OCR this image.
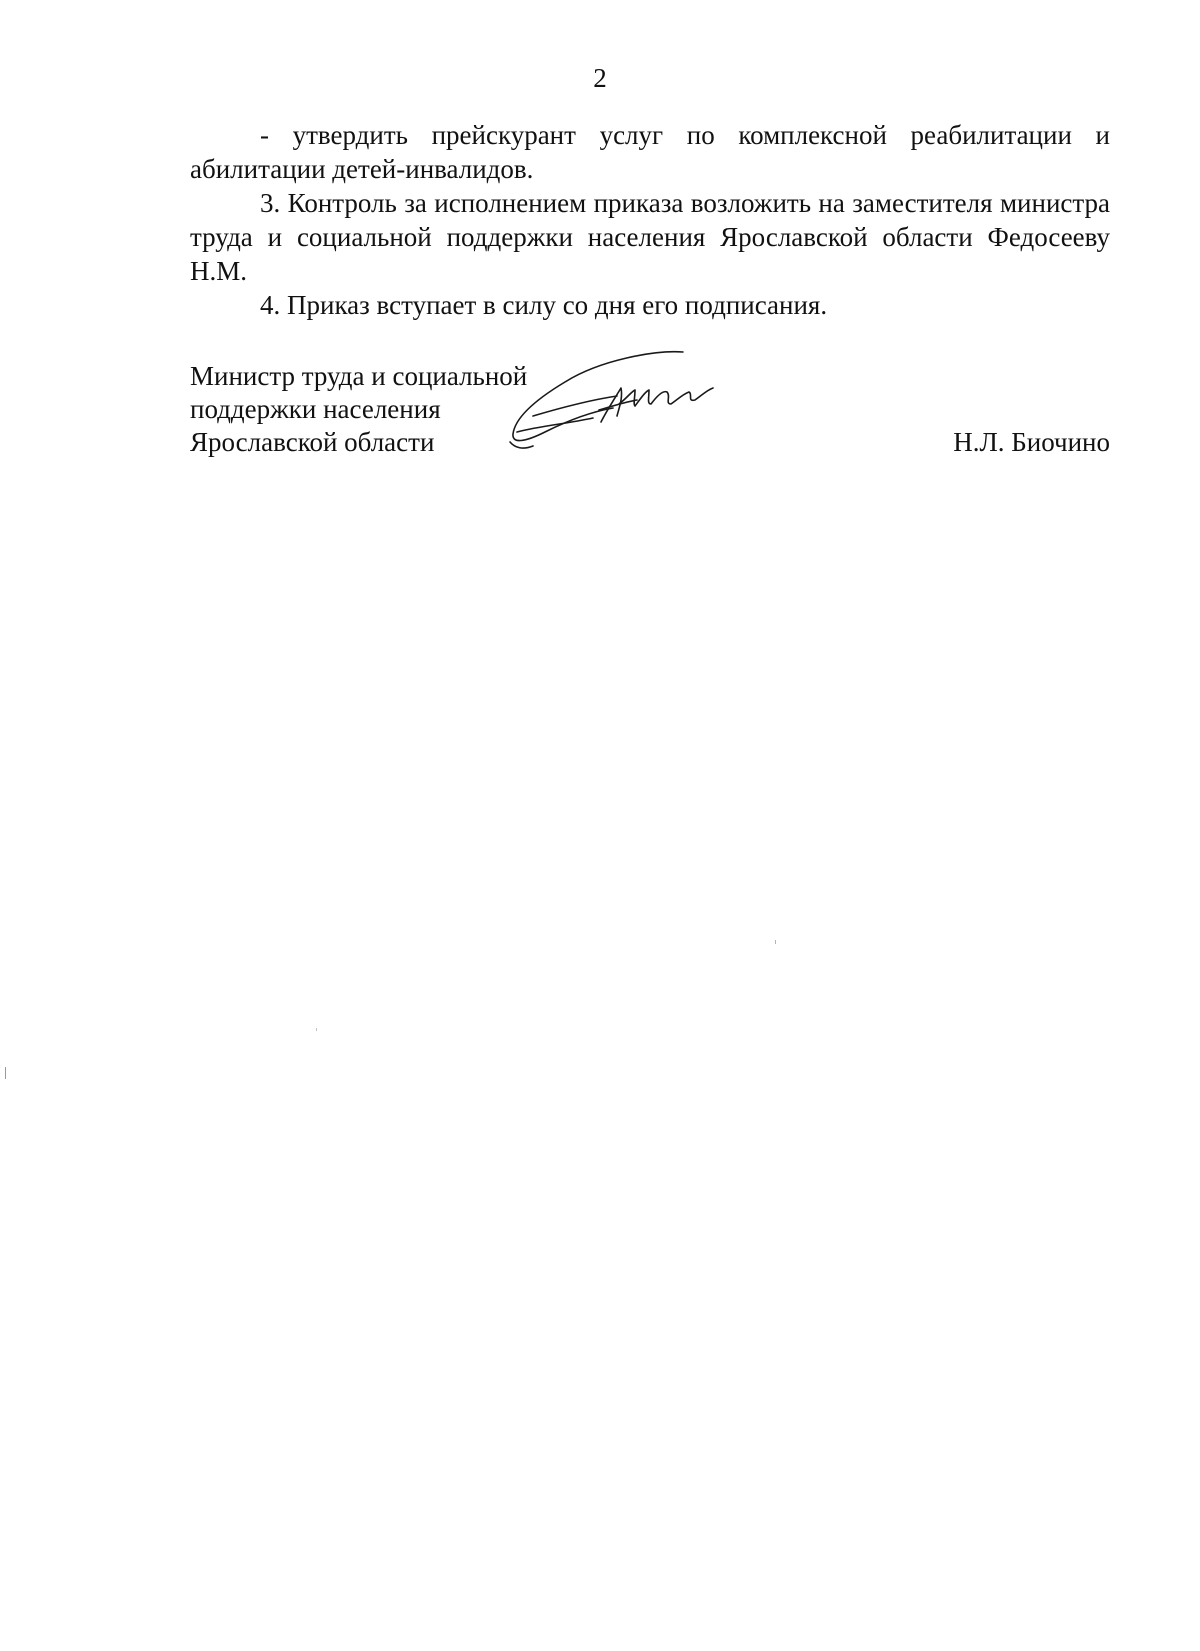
2

- утвердить прейскурант услуг по комплексной реабилитации и абилитации детей-инвалидов.

3. Контроль за исполнением приказа возложить на заместителя министра труда и социальной поддержки населения Ярославской области Федосееву Н.М.

4. Приказ вступает в силу со дня его подписания.

Министр труда и социальной
поддержки населения
Ярославской области	Н.Л. Биочино
